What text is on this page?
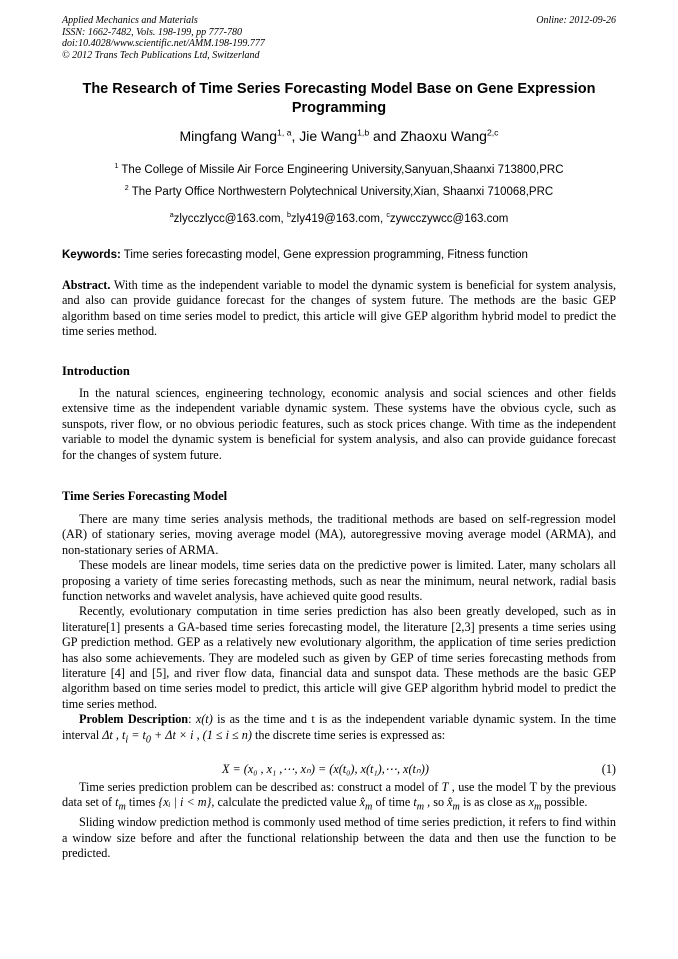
Applied Mechanics and Materials
ISSN: 1662-7482, Vols. 198-199, pp 777-780
doi:10.4028/www.scientific.net/AMM.198-199.777
© 2012 Trans Tech Publications Ltd, Switzerland
Online: 2012-09-26
The Research of Time Series Forecasting Model Base on Gene Expression Programming
Mingfang Wang$^{1, a}$, Jie Wang$^{1,b}$ and Zhaoxu Wang$^{2,c}$
$^1$ The College of Missile Air Force Engineering University,Sanyuan,Shaanxi 713800,PRC
$^2$ The Party Office Northwestern Polytechnical University,Xian, Shaanxi 710068,PRC
$^a$zlycczlycc@163.com, $^b$zly419@163.com, $^c$zywcczywcc@163.com
Keywords: Time series forecasting model, Gene expression programming, Fitness function

Abstract. With time as the independent variable to model the dynamic system is beneficial for system analysis, and also can provide guidance forecast for the changes of system future. The methods are the basic GEP algorithm based on time series model to predict, this article will give GEP algorithm hybrid model to predict the time series method.

Introduction

In the natural sciences, engineering technology, economic analysis and social sciences and other fields extensive time as the independent variable dynamic system. These systems have the obvious cycle, such as sunspots, river flow, or no obvious periodic features, such as stock prices change. With time as the independent variable to model the dynamic system is beneficial for system analysis, and also can provide guidance forecast for the changes of system future.

Time Series Forecasting Model

There are many time series analysis methods, the traditional methods are based on self-regression model (AR) of stationary series, moving average model (MA), autoregressive moving average model (ARMA), and non-stationary series of ARMA.

These models are linear models, time series data on the predictive power is limited. Later, many scholars all proposing a variety of time series forecasting methods, such as near the minimum, neural network, radial basis function networks and wavelet analysis, have achieved quite good results.

Recently, evolutionary computation in time series prediction has also been greatly developed, such as in literature[1] presents a GA-based time series forecasting model, the literature [2,3] presents a time series using GP prediction method. GEP as a relatively new evolutionary algorithm, the application of time series prediction has also some achievements. They are modeled such as given by GEP of time series forecasting methods from literature [4] and [5], and river flow data, financial data and sunspot data. These methods are the basic GEP algorithm based on time series model to predict, this article will give GEP algorithm hybrid model to predict the time series method.

Problem Description: x(t) is as the time and t is as the independent variable dynamic system. In the time interval Δt , $t_i = t_0 + \Delta t \times i$ , (1 ≤ i ≤ n) the discrete time series is expressed as:

X = (x₀ , x₁ ,⋯, xₙ) = (x(t₀), x(t₁),⋯, x(tₙ))	(1)

Time series prediction problem can be described as: construct a model of T , use the model T by the previous data set of $t_m$ times {xᵢ | i < m}, calculate the predicted value $x̂_m$ of time $t_m$ , so $x̂_m$ is as close as $x_m$ possible.

Sliding window prediction method is commonly used method of time series prediction, it refers to find within a window size before and after the functional relationship between the data and then use the function to be predicted.
